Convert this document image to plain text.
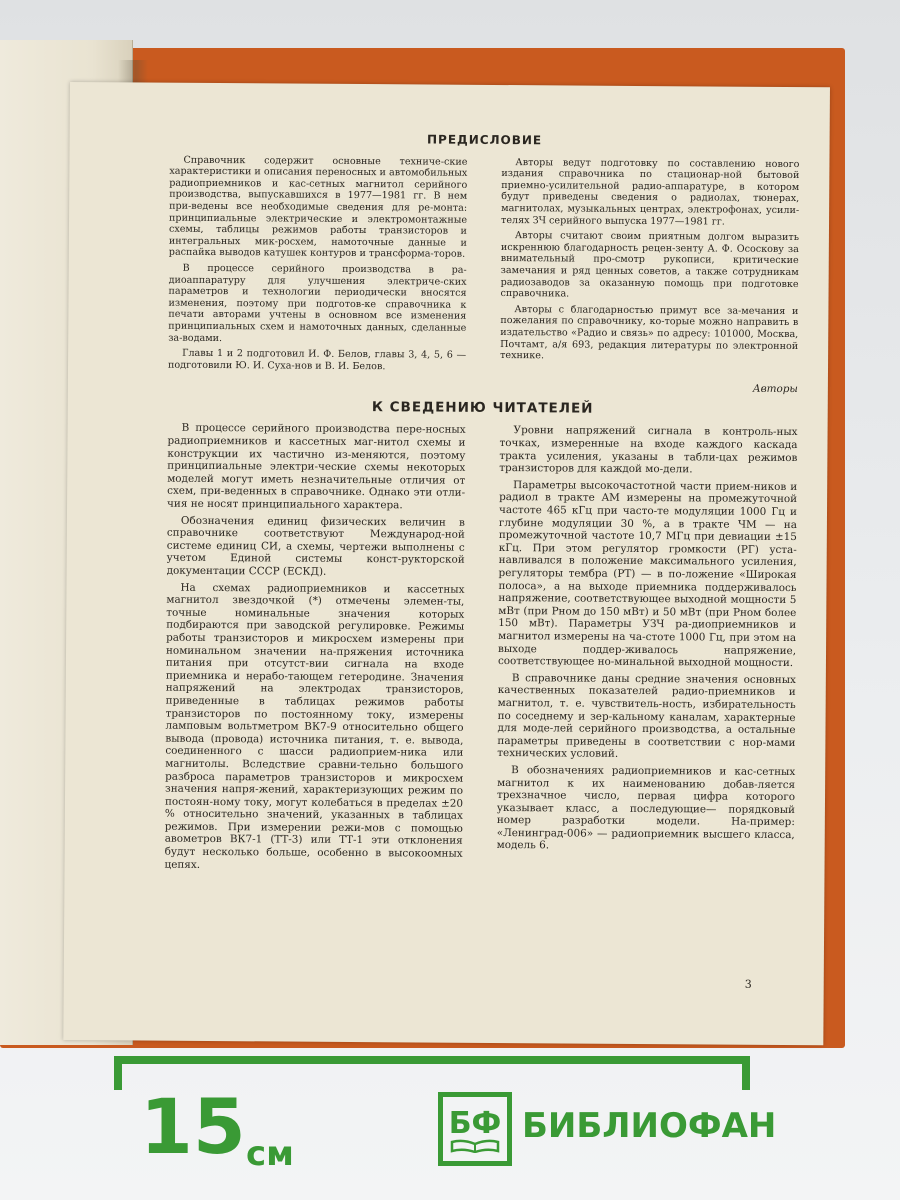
ПРЕДИСЛОВИЕ

Справочник содержит основные техниче-ские характеристики и описания переносных и автомобильных радиоприемников и кас-сетных магнитол серийного производства, выпускавшихся в 1977—1981 гг. В нем при-ведены все необходимые сведения для ре-монта: принципиальные электрические и электромонтажные схемы, таблицы режимов работы транзисторов и интегральных мик-росхем, намоточные данные и распайка выводов катушек контуров и трансформа-торов.

В процессе серийного производства в ра-диоаппаратуру для улучшения электриче-ских параметров и технологии периодически вносятся изменения, поэтому при подготов-ке справочника к печати авторами учтены в основном все изменения принципиальных схем и намоточных данных, сделанные за-водами.

Главы 1 и 2 подготовил И. Ф. Белов, главы 3, 4, 5, 6 — подготовили Ю. И. Суха-нов и В. И. Белов.

Авторы ведут подготовку по составлению нового издания справочника по стационар-ной бытовой приемно-усилительной радио-аппаратуре, в котором будут приведены сведения о радиолах, тюнерах, магнитолах, музыкальных центрах, электрофонах, усили-телях ЗЧ серийного выпуска 1977—1981 гг.

Авторы считают своим приятным долгом выразить искреннюю благодарность рецен-зенту А. Ф. Ососкову за внимательный про-смотр рукописи, критические замечания и ряд ценных советов, а также сотрудникам радиозаводов за оказанную помощь при подготовке справочника.

Авторы с благодарностью примут все за-мечания и пожелания по справочнику, ко-торые можно направить в издательство «Радио и связь» по адресу: 101000, Москва, Почтамт, а/я 693, редакция литературы по электронной технике.

Авторы
К СВЕДЕНИЮ ЧИТАТЕЛЕЙ

В процессе серийного производства пере-носных радиоприемников и кассетных маг-нитол схемы и конструкции их частично из-меняются, поэтому принципиальные электри-ческие схемы некоторых моделей могут иметь незначительные отличия от схем, при-веденных в справочнике. Однако эти отли-чия не носят принципиального характера.

Обозначения единиц физических величин в справочнике соответствуют Международ-ной системе единиц СИ, а схемы, чертежи выполнены с учетом Единой системы конст-рукторской документации СССР (ЕСКД).

На схемах радиоприемников и кассетных магнитол звездочкой (*) отмечены элемен-ты, точные номинальные значения которых подбираются при заводской регулировке. Режимы работы транзисторов и микросхем измерены при номинальном значении на-пряжения источника питания при отсутст-вии сигнала на входе приемника и нерабо-тающем гетеродине. Значения напряжений на электродах транзисторов, приведенные в таблицах режимов работы транзисторов по постоянному току, измерены ламповым вольтметром ВК7-9 относительно общего вывода (провода) источника питания, т. е. вывода, соединенного с шасси радиоприем-ника или магнитолы. Вследствие сравни-тельно большого разброса параметров транзисторов и микросхем значения напря-жений, характеризующих режим по постоян-ному току, могут колебаться в пределах ±20 % относительно значений, указанных в таблицах режимов. При измерении режи-мов с помощью авометров ВК7-1 (ТТ-3) или ТТ-1 эти отклонения будут несколько больше, особенно в высокоомных цепях.

Уровни напряжений сигнала в контроль-ных точках, измеренные на входе каждого каскада тракта усиления, указаны в табли-цах режимов транзисторов для каждой мо-дели.

Параметры высокочастотной части прием-ников и радиол в тракте AM измерены на промежуточной частоте 465 кГц при часто-те модуляции 1000 Гц и глубине модуляции 30 %, а в тракте ЧМ — на промежуточной частоте 10,7 МГц при девиации ±15 кГц. При этом регулятор громкости (РГ) уста-навливался в положение максимального усиления, регуляторы тембра (РТ) — в по-ложение «Широкая полоса», а на выходе приемника поддерживалось напряжение, соответствующее выходной мощности 5 мВт (при Pном до 150 мВт) и 50 мВт (при Pном более 150 мВт). Параметры УЗЧ ра-диоприемников и магнитол измерены на ча-стоте 1000 Гц, при этом на выходе поддер-живалось напряжение, соответствующее но-минальной выходной мощности.

В справочнике даны средние значения основных качественных показателей радио-приемников и магнитол, т. е. чувствитель-ность, избирательность по соседнему и зер-кальному каналам, характерные для моде-лей серийного производства, а остальные параметры приведены в соответствии с нор-мами технических условий.

В обозначениях радиоприемников и кас-сетных магнитол к их наименованию добав-ляется трехзначное число, первая цифра которого указывает класс, а последующие— порядковый номер разработки модели. На-пример: «Ленинград-006» — радиоприемник высшего класса, модель 6.

3
15 см
БФ БИБЛИОФАН
